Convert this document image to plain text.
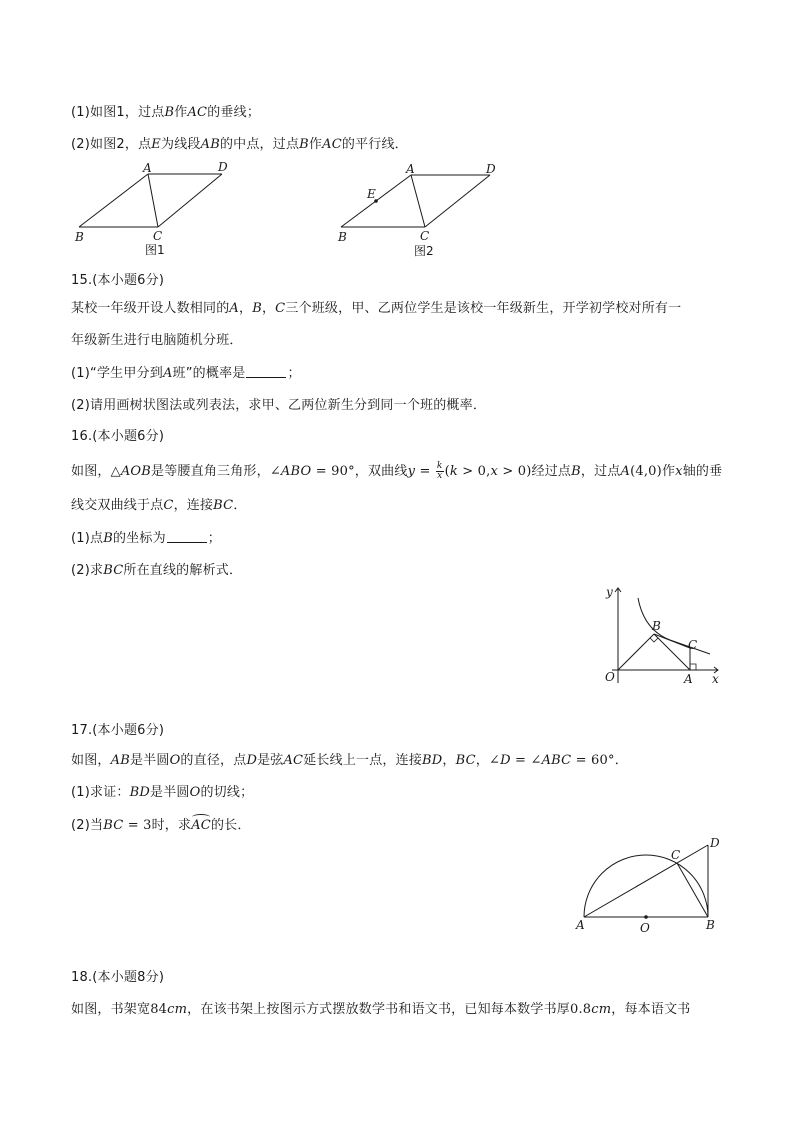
(1)如图1，过点B作AC的垂线；
(2)如图2，点E为线段AB的中点，过点B作AC的平行线．
A	D
B	C
图1
E
A	D
B	C
图2
15.(本小题6分)
某校一年级开设人数相同的A，B，C三个班级，甲、乙两位学生是该校一年级新生，开学初学校对所有一
年级新生进行电脑随机分班．
(1)“学生甲分到A班”的概率是	；
(2)请用画树状图法或列表法，求甲、乙两位新生分到同一个班的概率．
16.(本小题6分)
如图，△AOB是等腰直角三角形，∠ABO = 90°，双曲线$y = \frac{k}{x} (k > 0,x > 0)$经过点B，过点A(4,0)作x轴的垂
线交双曲线于点C，连接BC．
(1)点B的坐标为	；
(2)求BC所在直线的解析式．
y
x
O	A
B
C
17.(本小题6分)
如图，AB是半圆O的直径，点D是弦AC延长线上一点，连接BD，BC，∠D = ∠ABC = 60°．
(1)求证：BD是半圆O的切线；
(2)当BC = 3时，求AC的长．
A	O	B
C
D
18.(本小题8分)
如图，书架宽84cm，在该书架上按图示方式摆放数学书和语文书，已知每本数学书厚0.8cm，每本语文书
